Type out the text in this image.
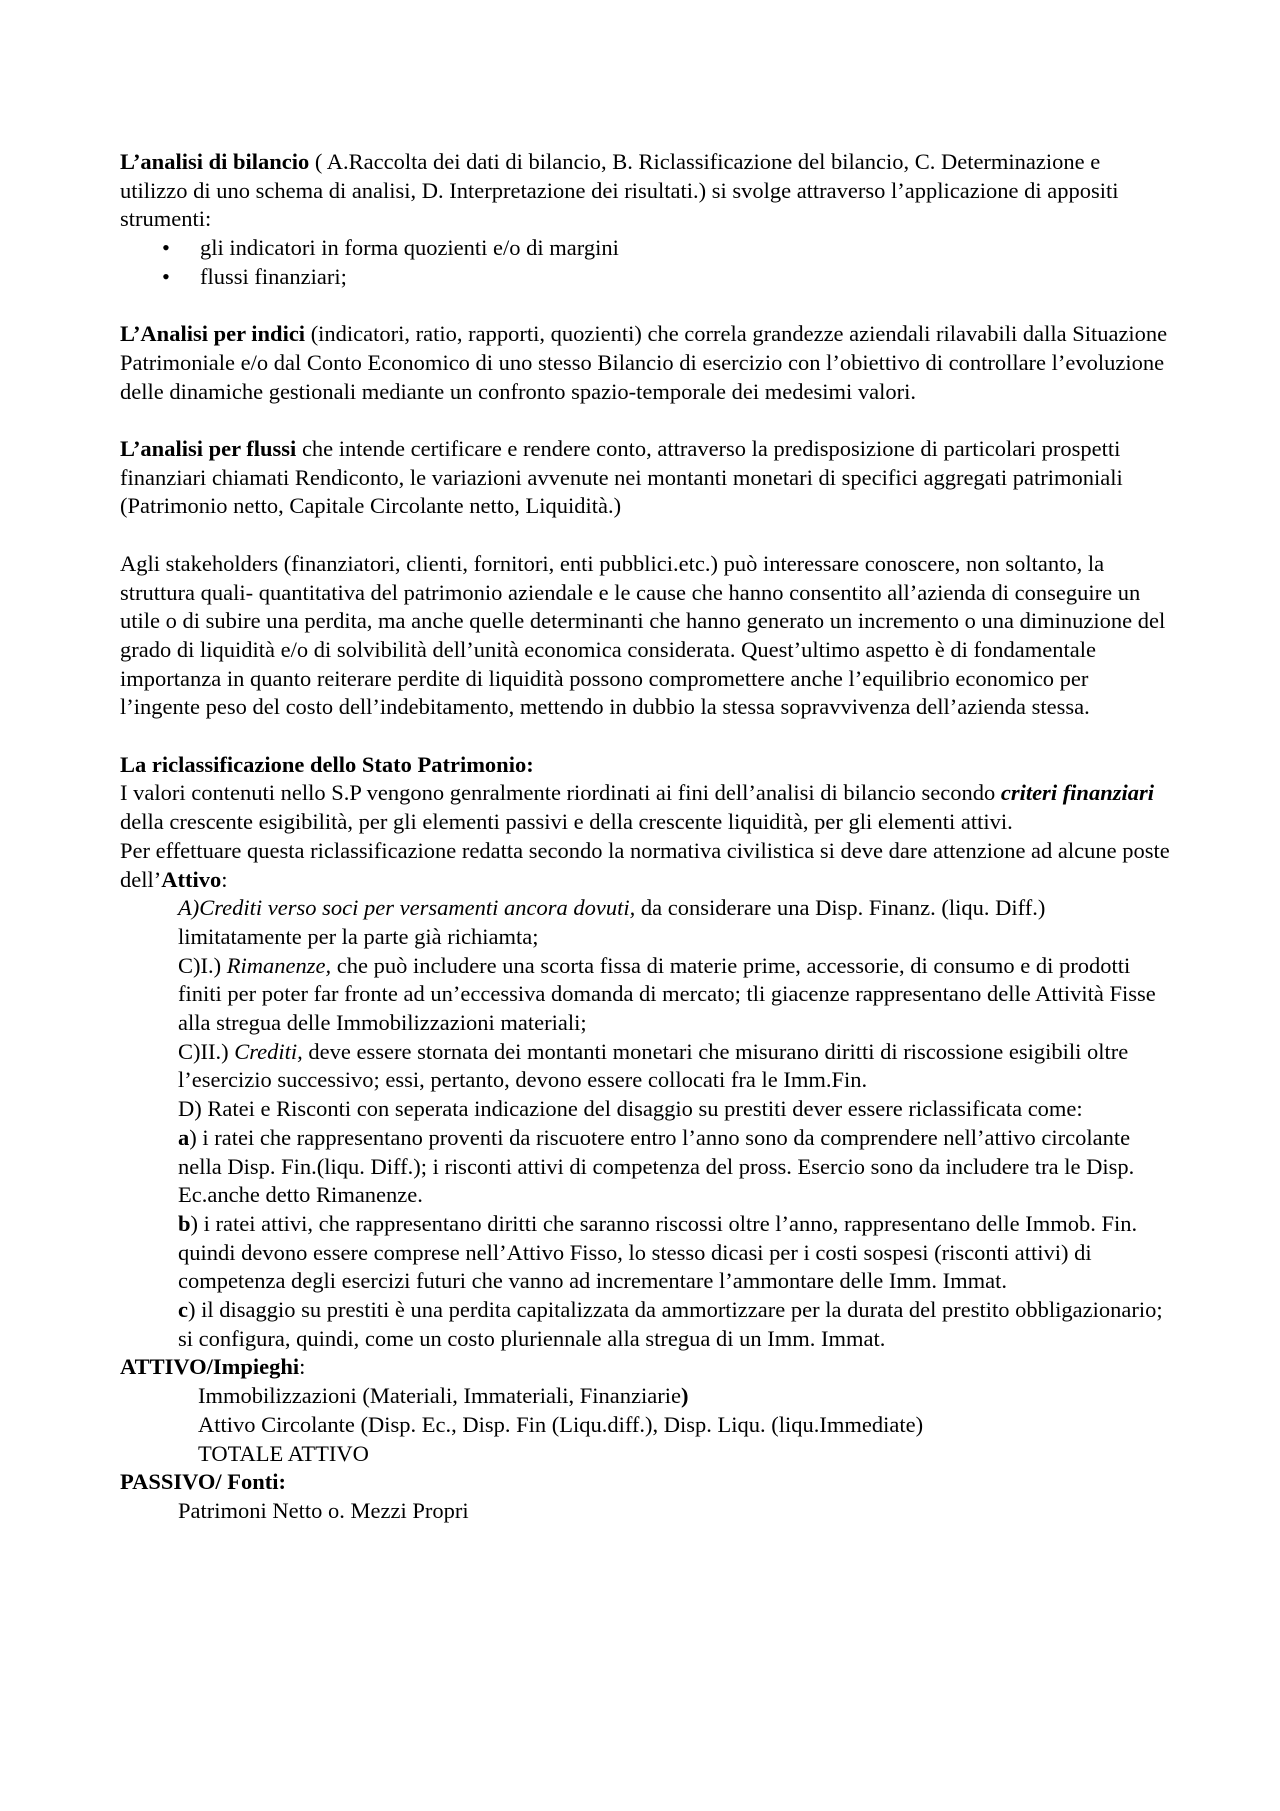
L’analisi di bilancio ( A.Raccolta dei dati di bilancio, B. Riclassificazione del bilancio, C. Determinazione e utilizzo di uno schema di analisi, D. Interpretazione dei risultati.) si svolge attraverso l’applicazione di appositi strumenti:

• gli indicatori in forma quozienti e/o di margini
• flussi finanziari;

L’Analisi per indici (indicatori, ratio, rapporti, quozienti) che correla grandezze aziendali rilavabili dalla Situazione Patrimoniale e/o dal Conto Economico di uno stesso Bilancio di esercizio con l’obiettivo di controllare l’evoluzione delle dinamiche gestionali mediante un confronto spazio-temporale dei medesimi valori.

L’analisi per flussi che intende certificare e rendere conto, attraverso la predisposizione di particolari prospetti finanziari chiamati Rendiconto, le variazioni avvenute nei montanti monetari di specifici aggregati patrimoniali (Patrimonio netto, Capitale Circolante netto, Liquidità.)

Agli stakeholders (finanziatori, clienti, fornitori, enti pubblici.etc.) può interessare conoscere, non soltanto, la struttura quali- quantitativa del patrimonio aziendale e le cause che hanno consentito all’azienda di conseguire un utile o di subire una perdita, ma anche quelle determinanti che hanno generato un incremento o una diminuzione del grado di liquidità e/o di solvibilità dell’unità economica considerata. Quest’ultimo aspetto è di fondamentale importanza in quanto reiterare perdite di liquidità possono compromettere anche l’equilibrio economico per l’ingente peso del costo dell’indebitamento, mettendo in dubbio la stessa sopravvivenza dell’azienda stessa.

La riclassificazione dello Stato Patrimonio:

I valori contenuti nello S.P vengono genralmente riordinati ai fini dell’analisi di bilancio secondo criteri finanziari della crescente esigibilità, per gli elementi passivi e della crescente liquidità, per gli elementi attivi.

Per effettuare questa riclassificazione redatta secondo la normativa civilistica si deve dare attenzione ad alcune poste dell’Attivo:

A)Crediti verso soci per versamenti ancora dovuti, da considerare una Disp. Finanz. (liqu. Diff.) limitatamente per la parte già richiamta;

C)I.) Rimanenze, che può includere una scorta fissa di materie prime, accessorie, di consumo e di prodotti finiti per poter far fronte ad un’eccessiva domanda di mercato; tli giacenze rappresentano delle Attività Fisse alla stregua delle Immobilizzazioni materiali;

C)II.) Crediti, deve essere stornata dei montanti monetari che misurano diritti di riscossione esigibili oltre l’esercizio successivo; essi, pertanto, devono essere collocati fra le Imm.Fin.

D) Ratei e Risconti con seperata indicazione del disaggio su prestiti dever essere riclassificata come:

a) i ratei che rappresentano proventi da riscuotere entro l’anno sono da comprendere nell’attivo circolante nella Disp. Fin.(liqu. Diff.); i risconti attivi di competenza del pross. Esercio sono da includere tra le Disp. Ec.anche detto Rimanenze.

b) i ratei attivi, che rappresentano diritti che saranno riscossi oltre l’anno, rappresentano delle Immob. Fin. quindi devono essere comprese nell’Attivo Fisso, lo stesso dicasi per i costi sospesi (risconti attivi) di competenza degli esercizi futuri che vanno ad incrementare l’ammontare delle Imm. Immat.

c) il disaggio su prestiti è una perdita capitalizzata da ammortizzare per la durata del prestito obbligazionario; si configura, quindi, come un costo pluriennale alla stregua di un Imm. Immat.

ATTIVO/Impieghi:

Immobilizzazioni (Materiali, Immateriali, Finanziarie)

Attivo Circolante (Disp. Ec., Disp. Fin (Liqu.diff.), Disp. Liqu. (liqu.Immediate)

TOTALE ATTIVO

PASSIVO/ Fonti:

Patrimoni Netto o. Mezzi Propri
